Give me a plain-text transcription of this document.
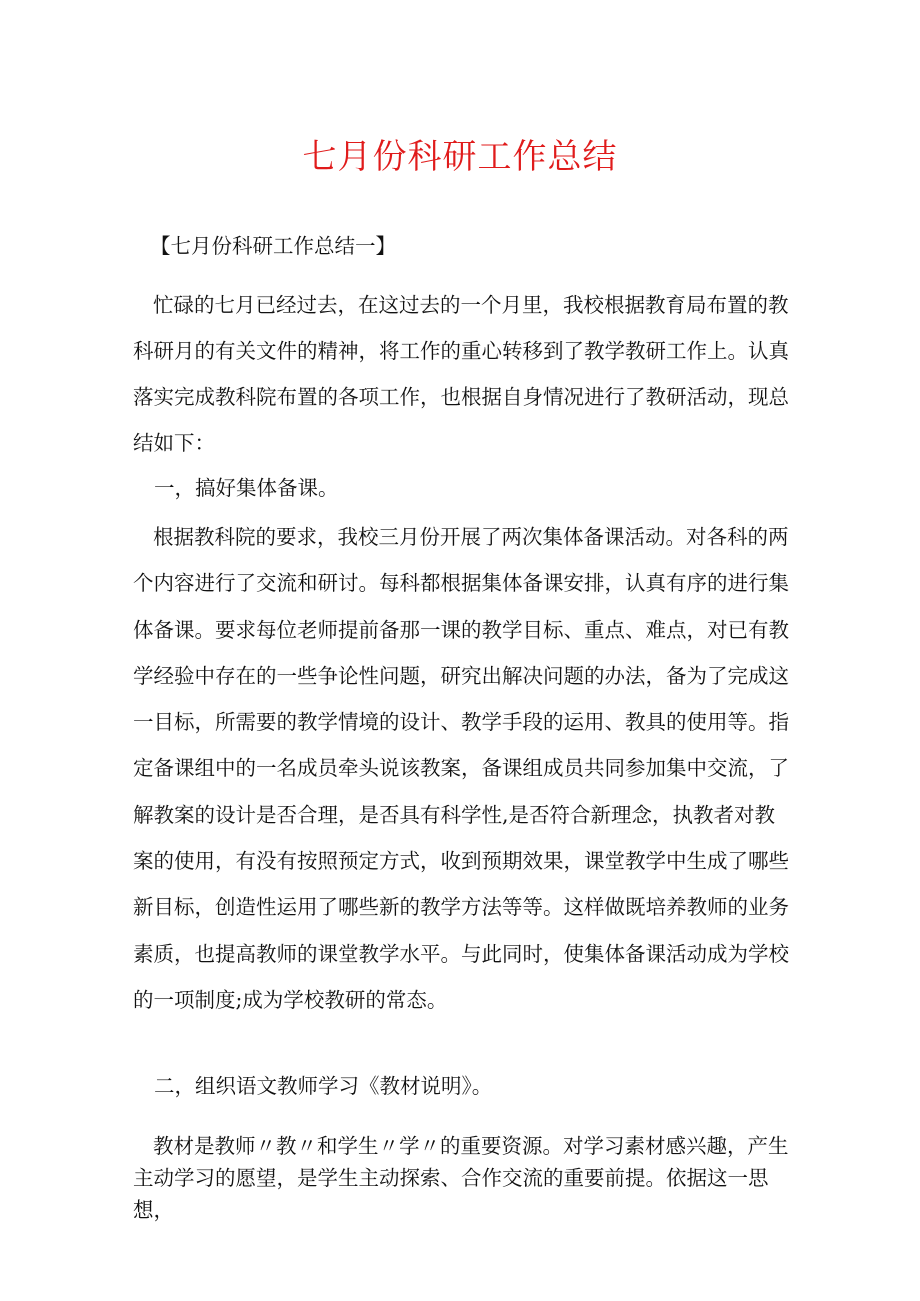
七月份科研工作总结

【七月份科研工作总结一】

忙碌的七月已经过去，在这过去的一个月里，我校根据教育局布置的教科研月的有关文件的精神，将工作的重心转移到了教学教研工作上。认真落实完成教科院布置的各项工作，也根据自身情况进行了教研活动，现总结如下：

一，搞好集体备课。

根据教科院的要求，我校三月份开展了两次集体备课活动。对各科的两个内容进行了交流和研讨。每科都根据集体备课安排，认真有序的进行集体备课。要求每位老师提前备那一课的教学目标、重点、难点，对已有教学经验中存在的一些争论性问题，研究出解决问题的办法，备为了完成这一目标，所需要的教学情境的设计、教学手段的运用、教具的使用等。指定备课组中的一名成员牵头说该教案，备课组成员共同参加集中交流，了解教案的设计是否合理，是否具有科学性,是否符合新理念，执教者对教案的使用，有没有按照预定方式，收到预期效果，课堂教学中生成了哪些新目标，创造性运用了哪些新的教学方法等等。这样做既培养教师的业务素质，也提高教师的课堂教学水平。与此同时，使集体备课活动成为学校的一项制度;成为学校教研的常态。

二，组织语文教师学习《教材说明》。

教材是教师〃教〃和学生〃学〃的重要资源。对学习素材感兴趣，产生主动学习的愿望，是学生主动探索、合作交流的重要前提。依据这一思想，
